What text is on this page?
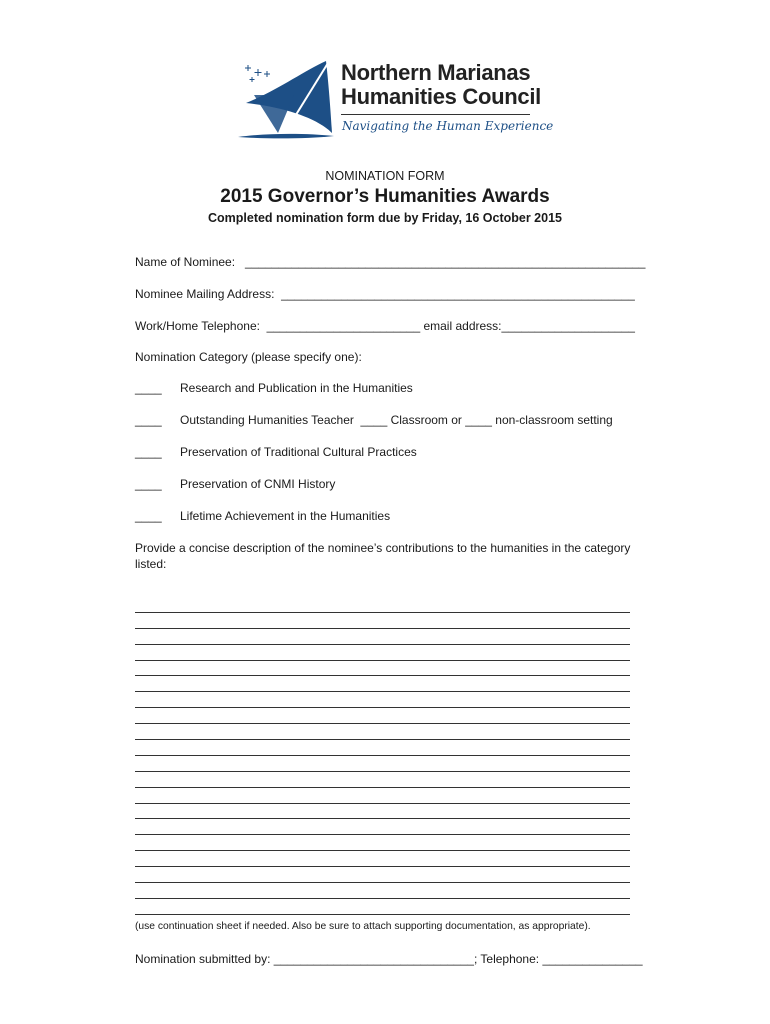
Northern Marianas
Humanities Council
Navigating the Human Experience
NOMINATION FORM
2015 Governor’s Humanities Awards
Completed nomination form due by Friday, 16 October 2015
Name of Nominee:   ____________________________________________________________
Nominee Mailing Address:  _____________________________________________________
Work/Home Telephone:  _______________________ email address:____________________
Nomination Category (please specify one):
____ Research and Publication in the Humanities
____ Outstanding Humanities Teacher  ____ Classroom or ____ non-classroom setting
____ Preservation of Traditional Cultural Practices
____ Preservation of CNMI History
____ Lifetime Achievement in the Humanities
Provide a concise description of the nominee’s contributions to the humanities in the category
listed:
(use continuation sheet if needed. Also be sure to attach supporting documentation, as appropriate).
Nomination submitted by: ______________________________; Telephone: _______________
